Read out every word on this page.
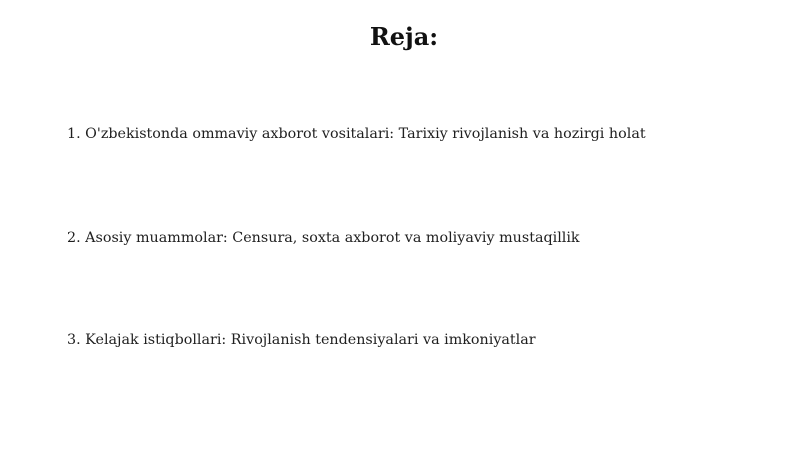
Reja:
1. O'zbekistonda ommaviy axborot vositalari: Tarixiy rivojlanish va hozirgi holat
2. Asosiy muammolar: Censura, soxta axborot va moliyaviy mustaqillik
3. Kelajak istiqbollari: Rivojlanish tendensiyalari va imkoniyatlar
